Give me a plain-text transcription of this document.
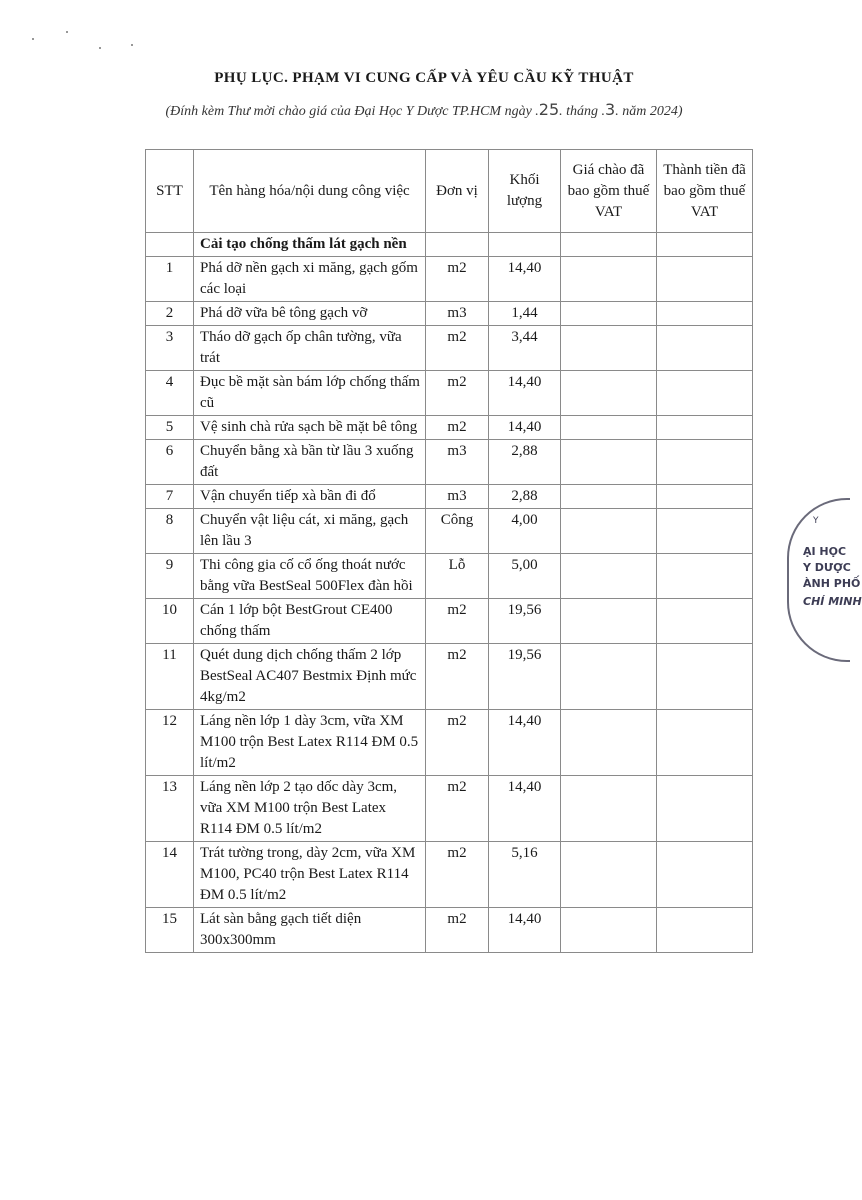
PHỤ LỤC. PHẠM VI CUNG CẤP VÀ YÊU CẦU KỸ THUẬT
(Đính kèm Thư mời chào giá của Đại Học Y Dược TP.HCM ngày .25. tháng .3. năm 2024)
STT	Tên hàng hóa/nội dung công việc	Đơn vị	Khối lượng	Giá chào đã bao gồm thuế VAT	Thành tiền đã bao gồm thuế VAT
	Cải tạo chống thấm lát gạch nền				
1	Phá dỡ nền gạch xi măng, gạch gốm các loại	m2	14,40		
2	Phá dỡ vữa bê tông gạch vỡ	m3	1,44		
3	Tháo dỡ gạch ốp chân tường, vữa trát	m2	3,44		
4	Đục bề mặt sàn bám lớp chống thấm cũ	m2	14,40		
5	Vệ sinh chà rửa sạch bề mặt bê tông	m2	14,40		
6	Chuyển bằng xà bần từ lầu 3 xuống đất	m3	2,88		
7	Vận chuyển tiếp xà bần đi đổ	m3	2,88		
8	Chuyển vật liệu cát, xi măng, gạch lên lầu 3	Công	4,00		
9	Thi công gia cố cổ ống thoát nước bằng vữa BestSeal 500Flex đàn hồi	Lỗ	5,00		
10	Cán 1 lớp bột BestGrout CE400 chống thấm	m2	19,56		
11	Quét dung dịch chống thấm 2 lớp BestSeal AC407 Bestmix Định mức 4kg/m2	m2	19,56		
12	Láng nền lớp 1 dày 3cm, vữa XM M100 trộn Best Latex R114 ĐM 0.5 lít/m2	m2	14,40		
13	Láng nền lớp 2 tạo dốc dày 3cm, vữa XM M100 trộn Best Latex R114 ĐM 0.5 lít/m2	m2	14,40		
14	Trát tường trong, dày 2cm, vữa XM M100, PC40 trộn Best Latex R114 ĐM 0.5 lít/m2	m2	5,16		
15	Lát sàn bằng gạch tiết diện 300x300mm	m2	14,40		
Y
ẠI HỌC
Y DƯỢC
ÀNH PHỐ
CHÍ MINH
